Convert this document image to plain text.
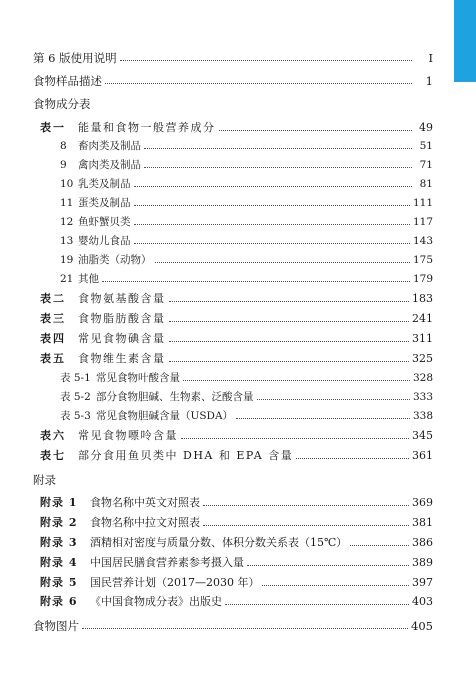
第 6 版使用说明	I
食物样品描述	1
食物成分表
表一	能量和食物一般营养成分	49
8	畜肉类及制品	51
9	禽肉类及制品	71
10 乳类及制品	81
11 蛋类及制品	111
12 鱼虾蟹贝类	117
13 婴幼儿食品	143
19 油脂类（动物）	175
21 其他	179
表二	食物氨基酸含量	183
表三	食物脂肪酸含量	241
表四	常见食物碘含量	311
表五	食物维生素含量	325
表 5-1 常见食物叶酸含量	328
表 5-2 部分食物胆碱、生物素、泛酸含量	333
表 5-3 常见食物胆碱含量（USDA）	338
表六	常见食物嘌呤含量	345
表七	部分食用鱼贝类中 DHA 和 EPA 含量	361
附录
附录 1	食物名称中英文对照表	369
附录 2	食物名称中拉文对照表	381
附录 3	酒精相对密度与质量分数、体积分数关系表（15℃）	386
附录 4	中国居民膳食营养素参考摄入量	389
附录 5	国民营养计划（2017—2030 年）	397
附录 6	《中国食物成分表》出版史	403
食物图片	405
